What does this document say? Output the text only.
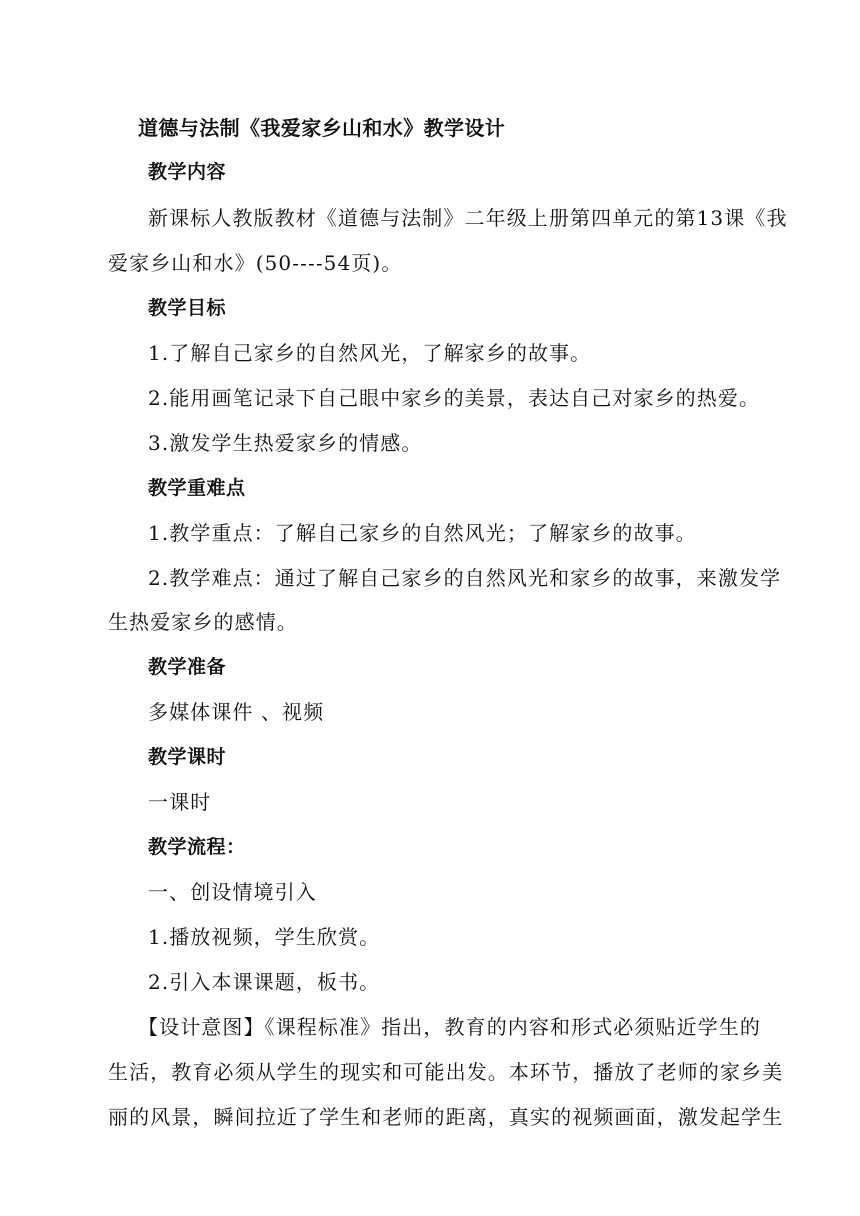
道德与法制《我爱家乡山和水》教学设计
教学内容
新课标人教版教材《道德与法制》二年级上册第四单元的第13课《我
爱家乡山和水》(50----54页)。
教学目标
1.了解自己家乡的自然风光，了解家乡的故事。
2.能用画笔记录下自己眼中家乡的美景，表达自己对家乡的热爱。
3.激发学生热爱家乡的情感。
教学重难点
1.教学重点：了解自己家乡的自然风光；了解家乡的故事。
2.教学难点：通过了解自己家乡的自然风光和家乡的故事，来激发学
生热爱家乡的感情。
教学准备
多媒体课件 、视频
教学课时
一课时
教学流程：
一、创设情境引入
1.播放视频，学生欣赏。
2.引入本课课题，板书。
【设计意图】《课程标准》指出，教育的内容和形式必须贴近学生的
生活，教育必须从学生的现实和可能出发。本环节，播放了老师的家乡美
丽的风景，瞬间拉近了学生和老师的距离，真实的视频画面，激发起学生
